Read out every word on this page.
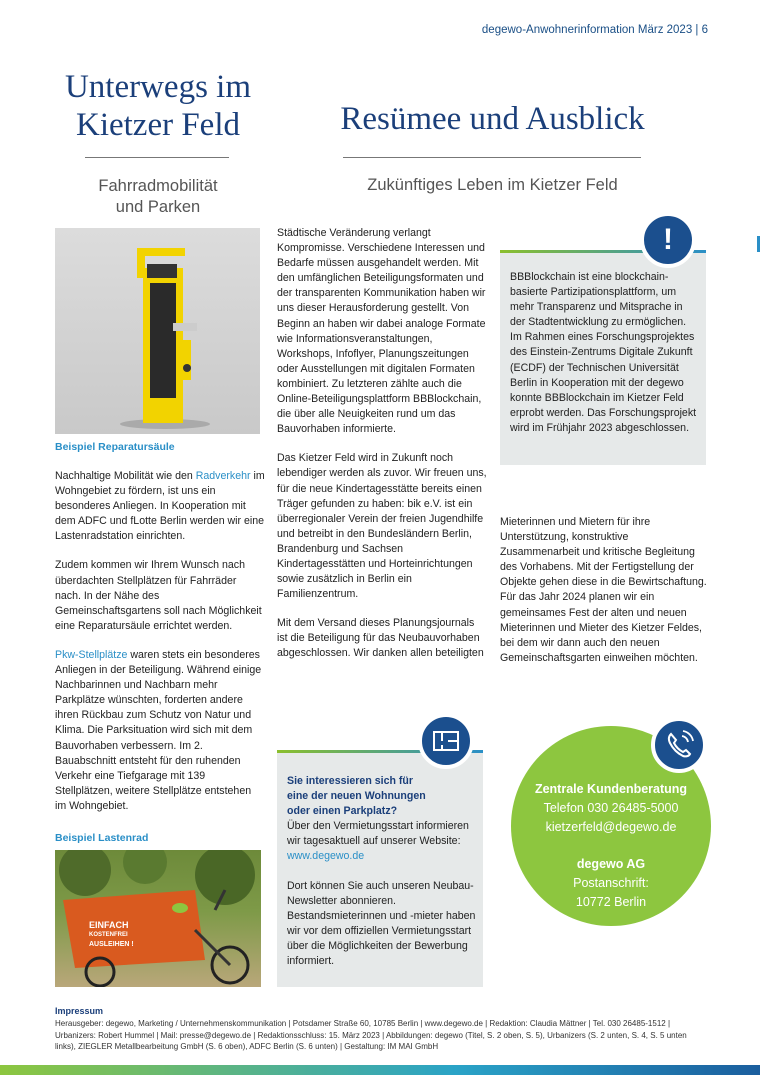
degewo-Anwohnerinformation März 2023 | 6
Unterwegs im
Kietzer Feld
Fahrradmobilität
und Parken
Beispiel Reparatursäule

Nachhaltige Mobilität wie den Radverkehr im Wohngebiet zu fördern, ist uns ein besonderes Anliegen. In Kooperation mit dem ADFC und fLotte Berlin werden wir eine Lastenradstation einrichten.

Zudem kommen wir Ihrem Wunsch nach überdachten Stellplätzen für Fahrräder nach. In der Nähe des Gemeinschaftsgartens soll nach Möglichkeit eine Reparatursäule errichtet werden.

Pkw-Stellplätze waren stets ein besonderes Anliegen in der Beteiligung. Während einige Nachbarinnen und Nachbarn mehr Parkplätze wünschten, forderten andere ihren Rückbau zum Schutz von Natur und Klima. Die Parksituation wird sich mit dem Bauvorhaben verbessern. Im 2. Bauabschnitt entsteht für den ruhenden Verkehr eine Tiefgarage mit 139 Stellplätzen, weitere Stellplätze entstehen im Wohngebiet.

Beispiel Lastenrad
EINFACH
KOSTENFREI
AUSLEIHEN !
Resümee und Ausblick
Zukünftiges Leben im Kietzer Feld

Städtische Veränderung verlangt Kompromisse. Verschiedene Interessen und Bedarfe müssen ausgehandelt werden. Mit den umfänglichen Beteiligungsformaten und der transparenten Kommunikation haben wir uns dieser Herausforderung gestellt. Von Beginn an haben wir dabei analoge Formate wie Informationsveranstaltungen, Workshops, Infoflyer, Planungszeitungen oder Ausstellungen mit digitalen Formaten kombiniert. Zu letzteren zählte auch die Online-Beteiligungsplattform BBBlockchain, die über alle Neuigkeiten rund um das Bauvorhaben informierte.

Das Kietzer Feld wird in Zukunft noch lebendiger werden als zuvor. Wir freuen uns, für die neue Kindertagesstätte bereits einen Träger gefunden zu haben: bik e.V. ist ein überregionaler Verein der freien Jugendhilfe und betreibt in den Bundesländern Berlin, Brandenburg und Sachsen Kindertagesstätten und Horteinrichtungen sowie zusätzlich in Berlin ein Familienzentrum.

Mit dem Versand dieses Planungsjournals ist die Beteiligung für das Neubauvorhaben abgeschlossen. Wir danken allen beteiligten

BBBlockchain ist eine blockchain-basierte Partizipationsplattform, um mehr Transparenz und Mitsprache in der Stadtentwicklung zu ermöglichen. Im Rahmen eines Forschungsprojektes des Einstein-Zentrums Digitale Zukunft (ECDF) der Technischen Universität Berlin in Kooperation mit der degewo konnte BBBlockchain im Kietzer Feld erprobt werden. Das Forschungsprojekt wird im Frühjahr 2023 abgeschlossen.
!

Mieterinnen und Mietern für ihre Unterstützung, konstruktive Zusammenarbeit und kritische Begleitung des Vorhabens. Mit der Fertigstellung der Objekte gehen diese in die Bewirtschaftung. Für das Jahr 2024 planen wir ein gemeinsames Fest der alten und neuen Mieterinnen und Mieter des Kietzer Feldes, bei dem wir dann auch den neuen Gemeinschaftsgarten einweihen möchten.

Sie interessieren sich für
eine der neuen Wohnungen
oder einen Parkplatz?

Über den Vermietungsstart informieren wir tagesaktuell auf unserer Website: www.degewo.de

Dort können Sie auch unseren Neubau-Newsletter abonnieren. Bestandsmieterinnen und -mieter haben wir vor dem offiziellen Vermietungsstart über die Möglichkeiten der Bewerbung informiert.

Zentrale Kundenberatung
Telefon 030 26485-5000
kietzerfeld@degewo.de
degewo AG
Postanschrift:
10772 Berlin
Impressum
Herausgeber: degewo, Marketing / Unternehmenskommunikation | Potsdamer Straße 60, 10785 Berlin | www.degewo.de | Redaktion: Claudia Mättner | Tel. 030 26485-1512 | Urbanizers: Robert Hummel | Mail: presse@degewo.de | Redaktionsschluss: 15. März 2023 | Abbildungen: degewo (Titel, S. 2 oben, S. 5), Urbanizers (S. 2 unten, S. 4, S. 5 unten links), ZIEGLER Metallbearbeitung GmbH (S. 6 oben), ADFC Berlin (S. 6 unten) | Gestaltung: IM MAI GmbH
